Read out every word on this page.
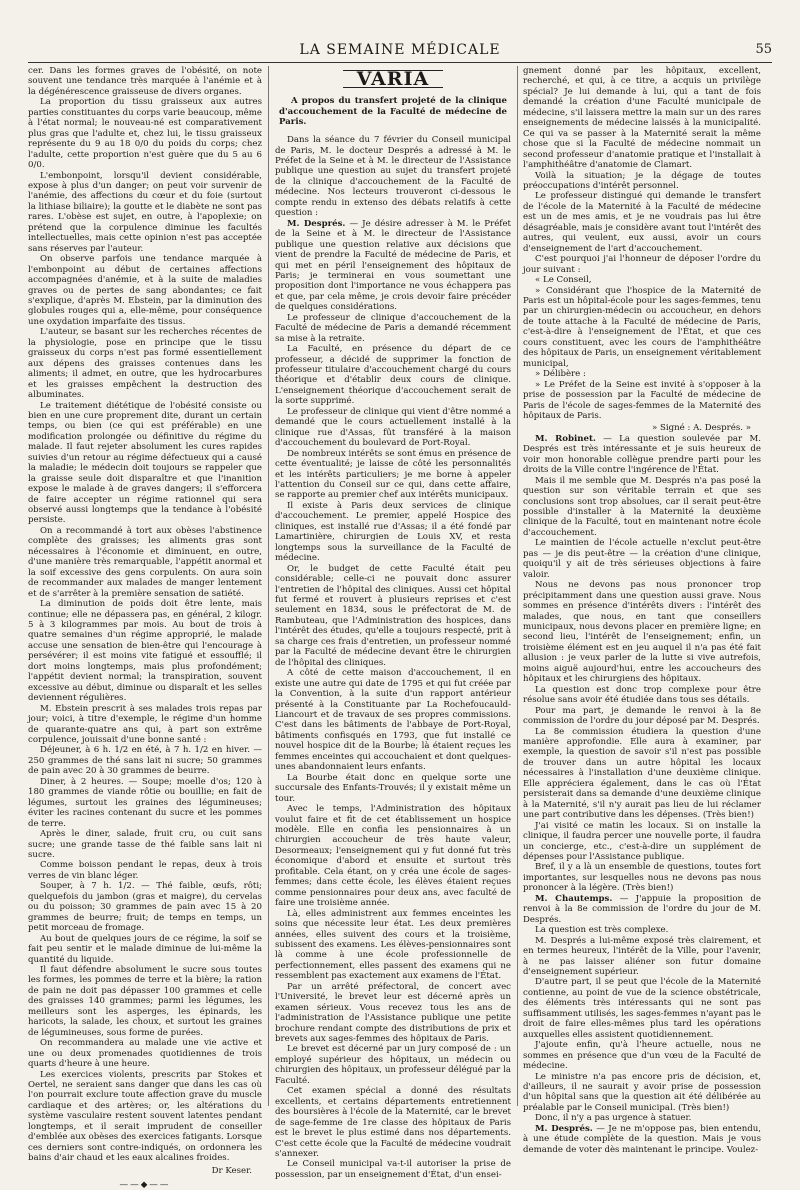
LA SEMAINE MÉDICALE	55

cer. Dans les formes graves de l'obésité, on note souvent une tendance très marquée à l'anémie et à la dégénérescence graisseuse de divers organes.

La proportion du tissu graisseux aux autres parties constituantes du corps varie beaucoup, même à l'état normal; le nouveau-né est comparativement plus gras que l'adulte et, chez lui, le tissu graisseux représente du 9 au 18 0/0 du poids du corps; chez l'adulte, cette proportion n'est guère que du 5 au 6 0/0.

L'embonpoint, lorsqu'il devient considérable, expose à plus d'un danger; on peut voir survenir de l'anémie, des affections du cœur et du foie (surtout la lithiase biliaire); la goutte et le diabète ne sont pas rares. L'obèse est sujet, en outre, à l'apoplexie; on prétend que la corpulence diminue les facultés intellectuelles, mais cette opinion n'est pas acceptée sans réserves par l'auteur.

On observe parfois une tendance marquée à l'embonpoint au début de certaines affections accompagnées d'anémie, et à la suite de maladies graves ou de pertes de sang abondantes; ce fait s'explique, d'après M. Ebstein, par la diminution des globules rouges qui a, elle-même, pour conséquence une oxydation imparfaite des tissus.

L'auteur, se basant sur les recherches récentes de la physiologie, pose en principe que le tissu graisseux du corps n'est pas formé essentiellement aux dépens des graisses contenues dans les aliments; il admet, en outre, que les hydrocarbures et les graisses empêchent la destruction des albuminates.

Le traitement diététique de l'obésité consiste ou bien en une cure proprement dite, durant un certain temps, ou bien (ce qui est préférable) en une modification prolongée ou définitive du régime du malade. Il faut rejeter absolument les cures rapides suivies d'un retour au régime défectueux qui a causé la maladie; le médecin doit toujours se rappeler que la graisse seule doit disparaître et que l'inanition expose le malade à de graves dangers; il s'efforcera de faire accepter un régime rationnel qui sera observé aussi longtemps que la tendance à l'obésité persiste.

On a recommandé à tort aux obèses l'abstinence complète des graisses; les aliments gras sont nécessaires à l'économie et diminuent, en outre, d'une manière très remarquable, l'appétit anormal et la soif excessive des gens corpulents. On aura soin de recommander aux malades de manger lentement et de s'arrêter à la première sensation de satiété.

La diminution de poids doit être lente, mais continue; elle ne dépassera pas, en général, 2 kilogr. 5 à 3 kilogrammes par mois. Au bout de trois à quatre semaines d'un régime approprié, le malade accuse une sensation de bien-être qui l'encourage à persévérer; il est moins vite fatigué et essoufflé; il dort moins longtemps, mais plus profondément; l'appétit devient normal; la transpiration, souvent excessive au début, diminue ou disparaît et les selles deviennent régulières.

M. Ebstein prescrit à ses malades trois repas par jour; voici, à titre d'exemple, le régime d'un homme de quarante-quatre ans qui, à part son extrême corpulence, jouissait d'une bonne santé :

Déjeuner, à 6 h. 1/2 en été, à 7 h. 1/2 en hiver. — 250 grammes de thé sans lait ni sucre; 50 grammes de pain avec 20 à 30 grammes de beurre.

Diner, à 2 heures. — Soupe; moelle d'os; 120 à 180 grammes de viande rôtie ou bouillie; en fait de légumes, surtout les graines des légumineuses; éviter les racines contenant du sucre et les pommes de terre.

Après le diner, salade, fruit cru, ou cuit sans sucre; une grande tasse de thé faible sans lait ni sucre.

Comme boisson pendant le repas, deux à trois verres de vin blanc léger.

Souper, à 7 h. 1/2. — Thé faible, œufs, rôti; quelquefois du jambon (gras et maigre), du cervelas ou du poisson; 30 grammes de pain avec 15 à 20 grammes de beurre; fruit; de temps en temps, un petit morceau de fromage.

Au bout de quelques jours de ce régime, la soif se fait peu sentir et le malade diminue de lui-même la quantité du liquide.

Il faut défendre absolument le sucre sous toutes les formes, les pommes de terre et la bière; la ration de pain ne doit pas dépasser 100 grammes et celle des graisses 140 grammes; parmi les légumes, les meilleurs sont les asperges, les épinards, les haricots, la salade, les choux, et surtout les graines de légumineuses, sous forme de purées.

On recommandera au malade une vie active et une ou deux promenades quotidiennes de trois quarts d'heure à une heure.

Les exercices violents, prescrits par Stokes et Oertel, ne seraient sans danger que dans les cas où l'on pourrait exclure toute affection grave du muscle cardiaque et des artères; or, les altérations du système vasculaire restent souvent latentes pendant longtemps, et il serait imprudent de conseiller d'emblée aux obèses des exercices fatigants. Lorsque ces derniers sont contre-indiqués, on ordonnera les bains d'air chaud et les eaux alcalines froides.

Dr Keser.
——◆——
VARIA
A propos du transfert projeté de la clinique d'accouchement de la Faculté de médecine de Paris.

Dans la séance du 7 février du Conseil municipal de Paris, M. le docteur Després a adressé à M. le Préfet de la Seine et à M. le directeur de l'Assistance publique une question au sujet du transfert projeté de la clinique d'accouchement de la Faculté de médecine. Nos lecteurs trouveront ci-dessous le compte rendu in extenso des débats relatifs à cette question :

M. Després. — Je désire adresser à M. le Préfet de la Seine et à M. le directeur de l'Assistance publique une question relative aux décisions que vient de prendre la Faculté de médecine de Paris, et qui met en péril l'enseignement des hôpitaux de Paris; je terminerai en vous soumettant une proposition dont l'importance ne vous échappera pas et que, par cela même, je crois devoir faire précéder de quelques considérations.

Le professeur de clinique d'accouchement de la Faculté de médecine de Paris a demandé récemment sa mise à la retraite.

La Faculté, en présence du départ de ce professeur, a décidé de supprimer la fonction de professeur titulaire d'accouchement chargé du cours théorique et d'établir deux cours de clinique. L'enseignement théorique d'accouchement serait de la sorte supprimé.

Le professeur de clinique qui vient d'être nommé a demandé que le cours actuellement installé à la clinique rue d'Assas, fût transféré à la maison d'accouchement du boulevard de Port-Royal.

De nombreux intérêts se sont émus en présence de cette éventualité; je laisse de côté les personnalités et les intérêts particuliers; je me borne à appeler l'attention du Conseil sur ce qui, dans cette affaire, se rapporte au premier chef aux intérêts municipaux.

Il existe à Paris deux services de clinique d'accouchement. Le premier, appelé Hospice des cliniques, est installé rue d'Assas; il a été fondé par Lamartinière, chirurgien de Louis XV, et resta longtemps sous la surveillance de la Faculté de médecine.

Or, le budget de cette Faculté était peu considérable; celle-ci ne pouvait donc assurer l'entretien de l'hôpital des cliniques. Aussi cet hôpital fut fermé et rouvert à plusieurs reprises et c'est seulement en 1834, sous le préfectorat de M. de Rambuteau, que l'Administration des hospices, dans l'intérêt des études, qu'elle a toujours respecté, prit à sa charge ces frais d'entretien, un professeur nommé par la Faculté de médecine devant être le chirurgien de l'hôpital des cliniques.

A côté de cette maison d'accouchement, il en existe une autre qui date de 1795 et qui fut créée par la Convention, à la suite d'un rapport antérieur présenté à la Constituante par La Rochefoucauld-Liancourt et de travaux de ses propres commissions. C'est dans les bâtiments de l'abbaye de Port-Royal, bâtiments confisqués en 1793, que fut installé ce nouvel hospice dit de la Bourbe; là étaient reçues les femmes enceintes qui accouchaient et dont quelques-unes abandonnaient leurs enfants.

La Bourbe était donc en quelque sorte une succursale des Enfants-Trouvés; il y existait même un tour.

Avec le temps, l'Administration des hôpitaux voulut faire et fit de cet établissement un hospice modèle. Elle en confia les pensionnaires à un chirurgien accoucheur de très haute valeur, Desormeaux; l'enseignement qui y fut donné fut très économique d'abord et ensuite et surtout très profitable. Cela étant, on y créa une école de sages-femmes; dans cette école, les élèves étaient reçues comme pensionnaires pour deux ans, avec faculté de faire une troisième année.

Là, elles administrent aux femmes enceintes les soins que nécessite leur état. Les deux premières années, elles suivent des cours et la troisième, subissent des examens. Les élèves-pensionnaires sont là comme à une école professionnelle de perfectionnement, elles passent des examens qui ne ressemblent pas exactement aux examens de l'État.

Par un arrêté préfectoral, de concert avec l'Université, le brevet leur est décerné après un examen sérieux. Vous recevez tous les ans de l'administration de l'Assistance publique une petite brochure rendant compte des distributions de prix et brevets aux sages-femmes des hôpitaux de Paris.

Le brevet est décerné par un jury composé de : un employé supérieur des hôpitaux, un médecin ou chirurgien des hôpitaux, un professeur délégué par la Faculté.

Cet examen spécial a donné des résultats excellents, et certains départements entretiennent des boursières à l'école de la Maternité, car le brevet de sage-femme de 1re classe des hôpitaux de Paris est le brevet le plus estimé dans nos départements. C'est cette école que la Faculté de médecine voudrait s'annexer.

Le Conseil municipal va-t-il autoriser la prise de possession, par un enseignement d'État, d'un ensei-

gnement donné par les hôpitaux, excellent, recherché, et qui, à ce titre, a acquis un privilège spécial? Je lui demande à lui, qui a tant de fois demandé la création d'une Faculté municipale de médecine, s'il laissera mettre la main sur un des rares enseignements de médecine laissés à la municipalité. Ce qui va se passer à la Maternité serait la même chose que si la Faculté de médecine nommait un second professeur d'anatomie pratique et l'installait à l'amphithéâtre d'anatomie de Clamart.

Voilà la situation; je la dégage de toutes préoccupations d'intérêt personnel.

Le professeur distingué qui demande le transfert de l'école de la Maternité à la Faculté de médecine est un de mes amis, et je ne voudrais pas lui être désagréable, mais je considère avant tout l'intérêt des autres, qui veulent, eux aussi, avoir un cours d'enseignement de l'art d'accouchement.

C'est pourquoi j'ai l'honneur de déposer l'ordre du jour suivant :

« Le Conseil,

» Considérant que l'hospice de la Maternité de Paris est un hôpital-école pour les sages-femmes, tenu par un chirurgien-médecin ou accoucheur, en dehors de toute attache à la Faculté de médecine de Paris, c'est-à-dire à l'enseignement de l'État, et que ces cours constituent, avec les cours de l'amphithéâtre des hôpitaux de Paris, un enseignement véritablement municipal,

» Délibère :

» Le Préfet de la Seine est invité à s'opposer à la prise de possession par la Faculté de médecine de Paris de l'école de sages-femmes de la Maternité des hôpitaux de Paris.

» Signé : A. Després. »

M. Robinet. — La question soulevée par M. Després est très intéressante et je suis heureux de voir mon honorable collègue prendre parti pour les droits de la Ville contre l'ingérence de l'État.

Mais il me semble que M. Després n'a pas posé la question sur son véritable terrain et que ses conclusions sont trop absolues, car il serait peut-être possible d'installer à la Maternité la deuxième clinique de la Faculté, tout en maintenant notre école d'accouchement.

Le maintien de l'école actuelle n'exclut peut-être pas — je dis peut-être — la création d'une clinique, quoiqu'il y ait de très sérieuses objections à faire valoir.

Nous ne devons pas nous prononcer trop précipitamment dans une question aussi grave. Nous sommes en présence d'intérêts divers : l'intérêt des malades, que nous, en tant que conseillers municipaux, nous devons placer en première ligne; en second lieu, l'intérêt de l'enseignement; enfin, un troisième élément est en jeu auquel il n'a pas été fait allusion : je veux parler de la lutte si vive autrefois, moins aiguë aujourd'hui, entre les accoucheurs des hôpitaux et les chirurgiens des hôpitaux.

La question est donc trop complexe pour être résolue sans avoir été étudiée dans tous ses détails.

Pour ma part, je demande le renvoi à la 8e commission de l'ordre du jour déposé par M. Després.

La 8e commission étudiera la question d'une manière approfondie. Elle aura à examiner, par exemple, la question de savoir s'il n'est pas possible de trouver dans un autre hôpital les locaux nécessaires à l'installation d'une deuxième clinique. Elle appréciera également, dans le cas où l'État persisterait dans sa demande d'une deuxième clinique à la Maternité, s'il n'y aurait pas lieu de lui réclamer une part contributive dans les dépenses. (Très bien!)

J'ai visité ce matin les locaux. Si on installe la clinique, il faudra percer une nouvelle porte, il faudra un concierge, etc., c'est-à-dire un supplément de dépenses pour l'Assistance publique.

Bref, il y a là un ensemble de questions, toutes fort importantes, sur lesquelles nous ne devons pas nous prononcer à la légère. (Très bien!)

M. Chautemps. — J'appuie la proposition de renvoi à la 8e commission de l'ordre du jour de M. Després.

La question est très complexe.

M. Després a lui-même exposé très clairement, et en termes heureux, l'intérêt de la Ville, pour l'avenir, à ne pas laisser aliéner son futur domaine d'enseignement supérieur.

D'autre part, il se peut que l'école de la Maternité contienne, au point de vue de la science obstétricale, des éléments très intéressants qui ne sont pas suffisamment utilisés, les sages-femmes n'ayant pas le droit de faire elles-mêmes plus tard les opérations auxquelles elles assistent quotidiennement.

J'ajoute enfin, qu'à l'heure actuelle, nous ne sommes en présence que d'un vœu de la Faculté de médecine.

Le ministre n'a pas encore pris de décision, et, d'ailleurs, il ne saurait y avoir prise de possession d'un hôpital sans que la question ait été délibérée au préalable par le Conseil municipal. (Très bien!)

Donc, il n'y a pas urgence à statuer.

M. Després. — Je ne m'oppose pas, bien entendu, à une étude complète de la question. Mais je vous demande de voter dès maintenant le principe. Voulez-
